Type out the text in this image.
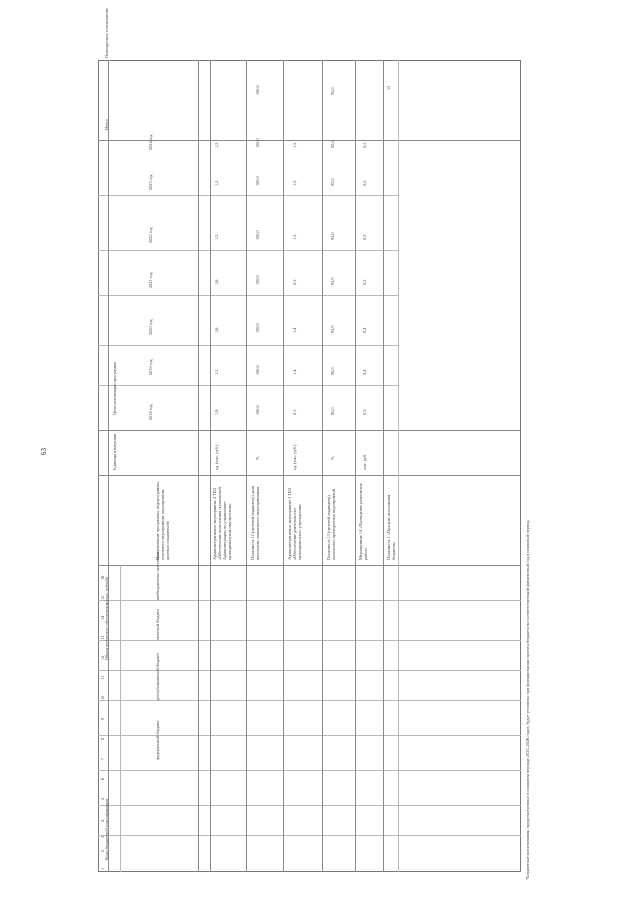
63
Итого
Цели реализации программы
Единица измерения
Коды бюджетной классификации
Объем ресурсного обеспечения (тыс. рублей)
Наименование программы, подпрограммы, основного мероприятия, мероприятия, целевых показателей
Планируемое соотношение
2018 год
2019 год
2020 год
2021 год
2022 год
2023 год
2024 год
федеральный бюджет
республиканский бюджет
местный бюджет
внебюджетные источники
Административное мероприятие 2 ТКЗ «Обеспечение выполнения полномочий Администрации по управлению муниципальным имуществом»
ед. (тыс. руб.)
1,8
1,5
1,6
1,6
1,5
1,5
1,5
Показатель 12 (целевой индикатор) доля населения, охваченного мероприятиями
%
100,0
100,0
100,0
100,0
100,0
100,0
100,0
100,0
Административное мероприятие 3 ТКЗ «Обеспечение деятельности муниципального учреждения»
ед. (тыс. руб.)
0,3
1,4
1,4
0,5
1,5
1,5
1,5
Показатель 13 (целевой индикатор) количество проведенных мероприятий
%
85,0
90,0
95,0
95,0
95,0
95,0
95,0
95,0
Мероприятие 14 «Проведение ремонтных работ»
тыс. руб.
0,5
0,4
0,4
0,5
0,5
0,5
0,5
Показатель 1 «Процент исполнения бюджета»
15
1
2
3
4
5
6
7
8
9
10
11
12
13
14
15
16	*Бюджетные ассигнования, предусмотренные в плановом периоде 2025–2026 годов, будут уточнены при формировании проекта бюджета на соответствующий финансовый год и плановый период.
